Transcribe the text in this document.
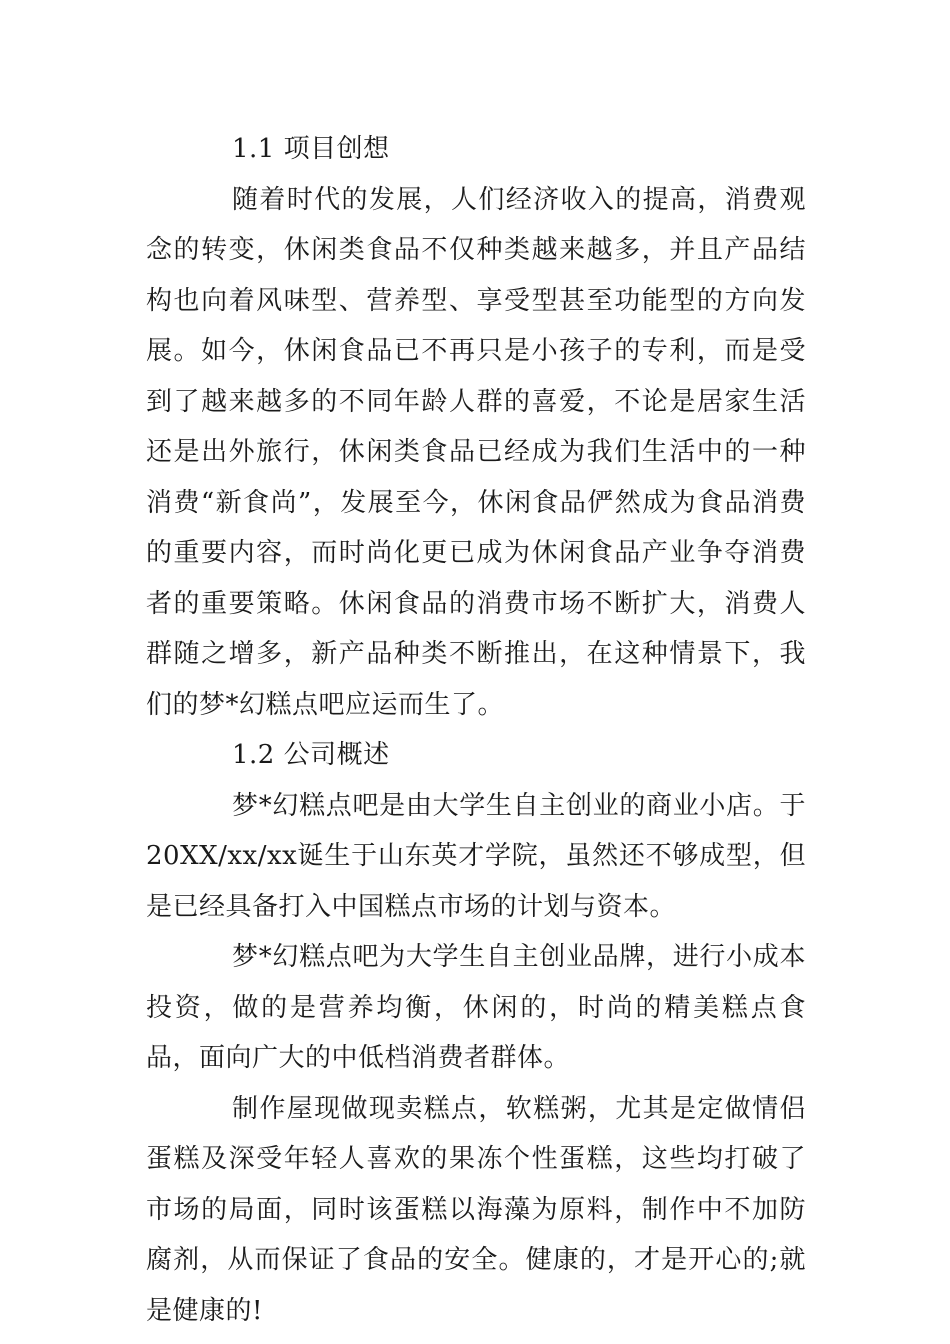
1.1 项目创想

随着时代的发展，人们经济收入的提高，消费观念的转变，休闲类食品不仅种类越来越多，并且产品结构也向着风味型、营养型、享受型甚至功能型的方向发展。如今，休闲食品已不再只是小孩子的专利，而是受到了越来越多的不同年龄人群的喜爱，不论是居家生活还是出外旅行，休闲类食品已经成为我们生活中的一种消费“新食尚”，发展至今，休闲食品俨然成为食品消费的重要内容，而时尚化更已成为休闲食品产业争夺消费者的重要策略。休闲食品的消费市场不断扩大，消费人群随之增多，新产品种类不断推出，在这种情景下，我们的梦*幻糕点吧应运而生了。

1.2 公司概述

梦*幻糕点吧是由大学生自主创业的商业小店。于20XX/xx/xx诞生于山东英才学院，虽然还不够成型，但是已经具备打入中国糕点市场的计划与资本。

梦*幻糕点吧为大学生自主创业品牌，进行小成本投资，做的是营养均衡，休闲的，时尚的精美糕点食品，面向广大的中低档消费者群体。

制作屋现做现卖糕点，软糕粥，尤其是定做情侣蛋糕及深受年轻人喜欢的果冻个性蛋糕，这些均打破了市场的局面，同时该蛋糕以海藻为原料，制作中不加防腐剂，从而保证了食品的安全。健康的，才是开心的;就是健康的!
